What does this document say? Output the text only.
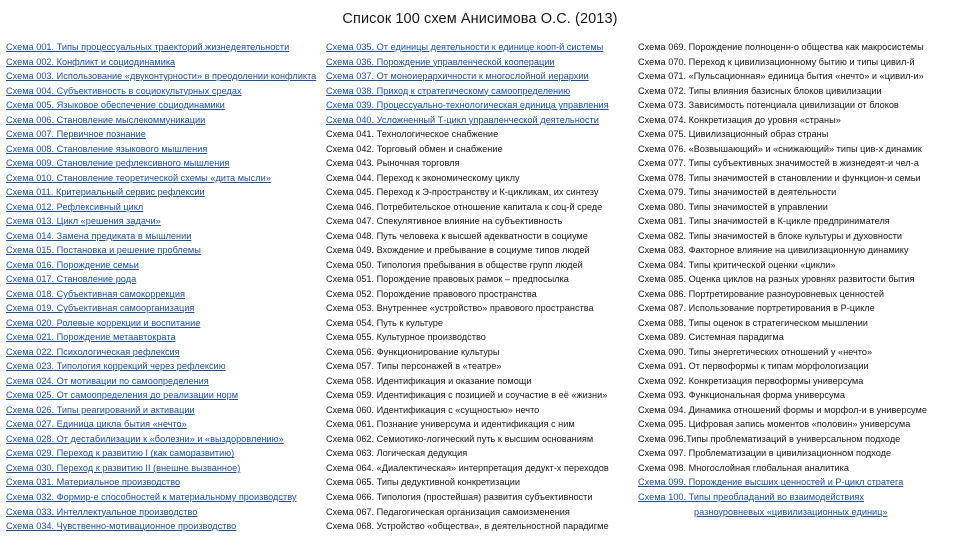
Список 100 схем Анисимова О.С. (2013)
Схема 001. Типы процессуальных траекторий жизнедеятельности
Схема 002. Конфликт и социодинамика
Схема 003. Использование «двуконтурности» в преодолении конфликта
Схема 004. Субъективность в социокультурных средах
Схема 005. Языковое обеспечение социодинамики
Схема 006. Становление мыслекоммуникации
Схема 007. Первичное познание
Схема 008. Становление языкового мышления
Схема 009. Становление рефлексивного мышления
Схема 010. Становление теоретической схемы «дита мысли»
Схема 011. Критериальный сервис рефлексии
Схема 012. Рефлексивный цикл
Схема 013. Цикл «решения задачи»
Схема 014. Замена предиката в мышлении
Схема 015. Постановка и решение проблемы
Схема 016. Порождение семьи
Схема 017. Становление рода
Схема 018. Субъективная самокоррекция
Схема 019. Субъективная самоорганизация
Схема 020. Ролевые коррекции и воспитание
Схема 021. Порождение метаавтократа
Схема 022. Психологическая рефлексия
Схема 023. Типология коррекций через рефлексию
Схема 024. От мотивации по самоопределения
Схема 025. От самоопределения до реализации норм
Схема 026. Типы реагирований и активации
Схема 027. Единица цикла бытия «нечто»
Схема 028. От дестабилизации к «болезни» и «выздоровлению»
Схема 029. Переход к развитию I (как саморазвитию)
Схема 030. Переход к развитию II (внешне вызванное)
Схема 031. Материальное производство
Схема 032. Формир-е способностей к материальному производству
Схема 033. Интеллектуальное производство
Схема 034. Чувственно-мотивационное производство
Схема 035. От единицы деятельности к единице кооп-й системы
Схема 036. Порождение управленческой кооперации
Схема 037. От моноиерархичности к многослойной иерархии
Схема 038. Приход к стратегическому самоопределению
Схема 039. Процессуально-технологическая единица управления
Схема 040. Усложненный Т-цикл управленческой деятельности
Схема 041. Технологическое снабжение
Схема 042. Торговый обмен и снабжение
Схема 043. Рыночная торговля
Схема 044. Переход к экономическому циклу
Схема 045. Переход к Э-пространству и К-цикликам, их синтезу
Схема 046. Потребительское отношение капитала к соц-й среде
Схема 047. Спекулятивное влияние на субъективность
Схема 048. Путь человека к высшей адекватности в социуме
Схема 049. Вхождение и пребывание в социуме типов людей
Схема 050. Типология пребывания в обществе групп людей
Схема 051. Порождение правовых рамок – предпосылка
Схема 052. Порождение правового пространства
Схема 053. Внутреннее «устройство» правового пространства
Схема 054. Путь к культуре
Схема 055. Культурное производство
Схема 056. Функционирование культуры
Схема 057. Типы персонажей в «театре»
Схема 058. Идентификация и оказание помощи
Схема 059. Идентификация с позицией и соучастие в её «жизни»
Схема 060. Идентификация с «сущностью» нечто
Схема 061. Познание универсума и идентификация с ним
Схема 062. Семиотико-логический путь к высшим основаниям
Схема 063. Логическая дедукция
Схема 064. «Диалектическая» интерпретация дедукт-х переходов
Схема 065. Типы дедуктивной конкретизации
Схема 066. Типология (простейшая) развития субъективности
Схема 067. Педагогическая организация самоизменения
Схема 068. Устройство «общества», в деятельностной парадигме
Схема 069. Порождение полноценн-о общества как макросистемы
Схема 070. Переход к цивилизационному бытию и типы цивил-й
Схема 071. «Пульсационная» единица бытия «нечто» и «цивил-и»
Схема 072. Типы влияния базисных блоков цивилизации
Схема 073. Зависимость потенциала цивилизации от блоков
Схема 074. Конкретизация до уровня «страны»
Схема 075. Цивилизационный образ страны
Схема 076. «Возвышающий» и «снижающий» типы цив-х динамик
Схема 077. Типы субъективных значимостей в жизнедеят-и чел-а
Схема 078. Типы значимостей в становлении и функцион-и семьи
Схема 079. Типы значимостей в деятельности
Схема 080. Типы значимостей в управлении
Схема 081. Типы значимостей в К-цикле предпринимателя
Схема 082. Типы значимостей в блоке культуры и духовности
Схема 083. Факторное влияние на цивилизационную динамику
Схема 084. Типы критической оценки «цикли»
Схема 085. Оценка циклов на разных уровнях развитости бытия
Схема 086. Портретирование разноуровневых ценностей
Схема 087. Использование портретирования в Р-цикле
Схема 088. Типы оценок в стратегическом мышлении
Схема 089. Системная парадигма
Схема 090. Типы энергетических отношений у «нечто»
Схема 091. От первоформы к типам морфологизации
Схема 092. Конкретизация первоформы универсума
Схема 093. Функциональная форма универсума
Схема 094. Динамика отношений формы и морфол-и в универсуме
Схема 095. Цифровая запись моментов «половин» универсума
Схема 096.Типы проблематизаций в универсальном подходе
Схема 097. Проблематизации в цивилизационном подходе
Схема 098. Многослойная глобальная аналитика
Схема 099. Порождение высших ценностей и Р-цикл стратега
Схема 100. Типы преобладаний во взаимодействиях
разноуровневых «цивилизационных единиц»
